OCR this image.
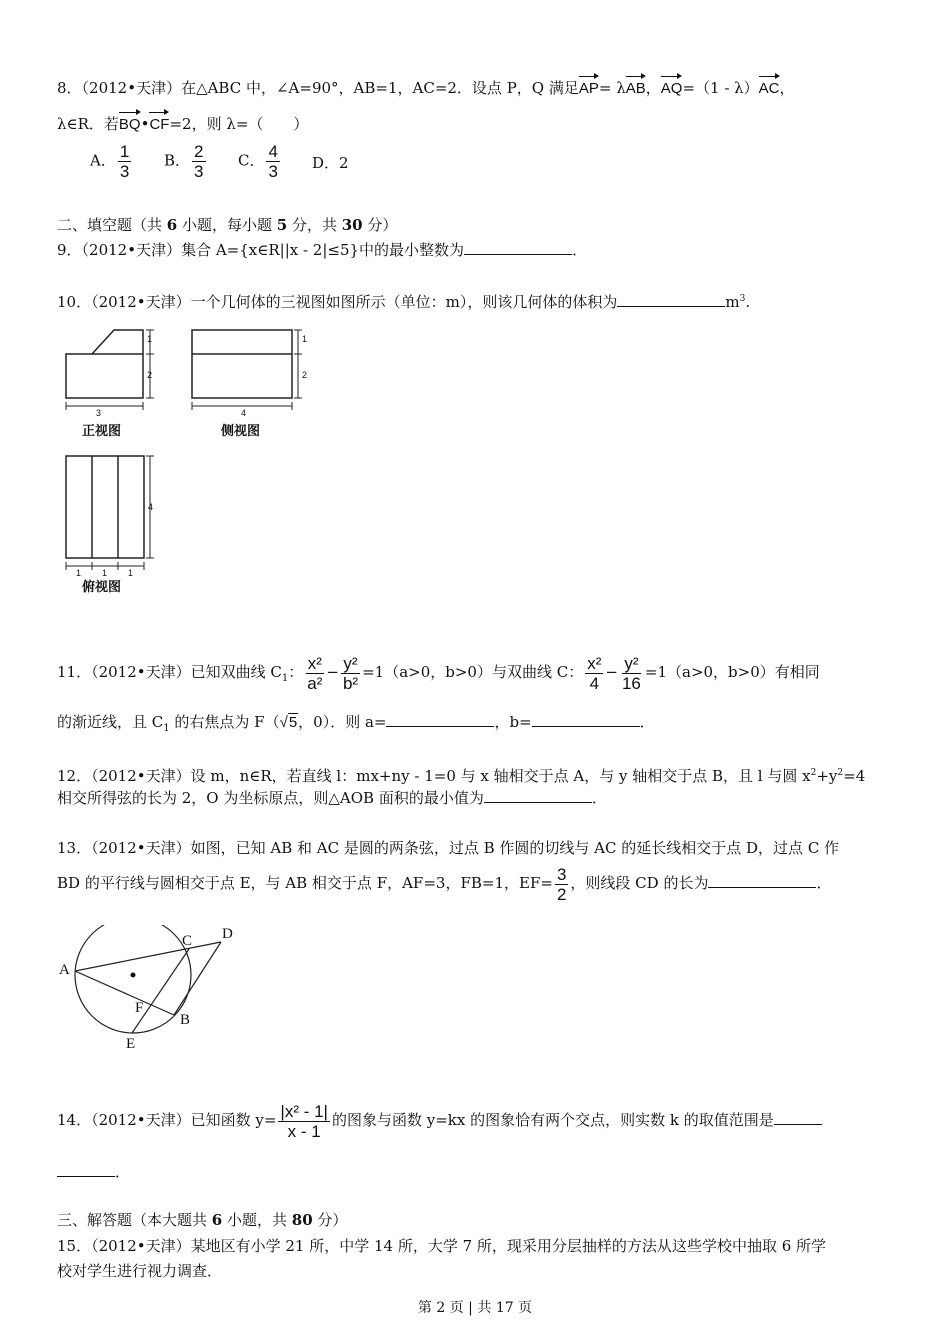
8．（2012•天津）在△ABC 中，∠A=90°，AB=1，AC=2．设点 P，Q 满足AP= λAB，AQ=（1 - λ）AC，
λ∈R．若BQ•CF=2，则 λ=（　　）
A． $\frac{1}{3}$ B． $\frac{2}{3}$ C． $\frac{4}{3}$ D．2
二、填空题（共 6 小题，每小题 5 分，共 30 分）
9．（2012•天津）集合 A={x∈R||x - 2|≤5}中的最小整数为	．
10．（2012•天津）一个几何体的三视图如图所示（单位：m），则该几何体的体积为	$m^3$.
1
2
3
1
2
4
4
1 1 1
正视图	侧视图
俯视图
11．（2012•天津）已知双曲线 $C_1$： $\frac{\text{x²}}{\text{a²}} - \frac{\text{y²}}{\text{b²}} =1(a>0$，b>0）与双曲线 C： $\frac{\text{x²}}{4} - \frac{\text{y²}}{16} =1(a>0$，b>0）有相同
的渐近线，且 $C_1$ 的右焦点为 F（√5，0）．则 a=	，b=	．
12．（2012•天津）设 m，n∈R，若直线 l：mx+ny - 1=0 与 x 轴相交于点 A，与 y 轴相交于点 B，且 l 与圆 $x^2+y^2=4$
相交所得弦的长为 2，O 为坐标原点，则△AOB 面积的最小值为	．
13．（2012•天津）如图，已知 AB 和 AC 是圆的两条弦，过点 B 作圆的切线与 AC 的延长线相交于点 D，过点 C 作
BD 的平行线与圆相交于点 E，与 AB 相交于点 F，AF=3，FB=1，$EF= \frac{3}{2}$ ，则线段 CD 的长为	．
A
C D
F
B
E
14．（2012•天津）已知函数 $y= \frac{\text{|x² - 1|}}{x - 1}$ 的图象与函数 y=kx 的图象恰有两个交点，则实数 k 的取值范围是
．
三、解答题（本大题共 6 小题，共 80 分）
15．（2012•天津）某地区有小学 21 所，中学 14 所，大学 7 所，现采用分层抽样的方法从这些学校中抽取 6 所学
校对学生进行视力调查．
第 2 页 | 共 17 页
